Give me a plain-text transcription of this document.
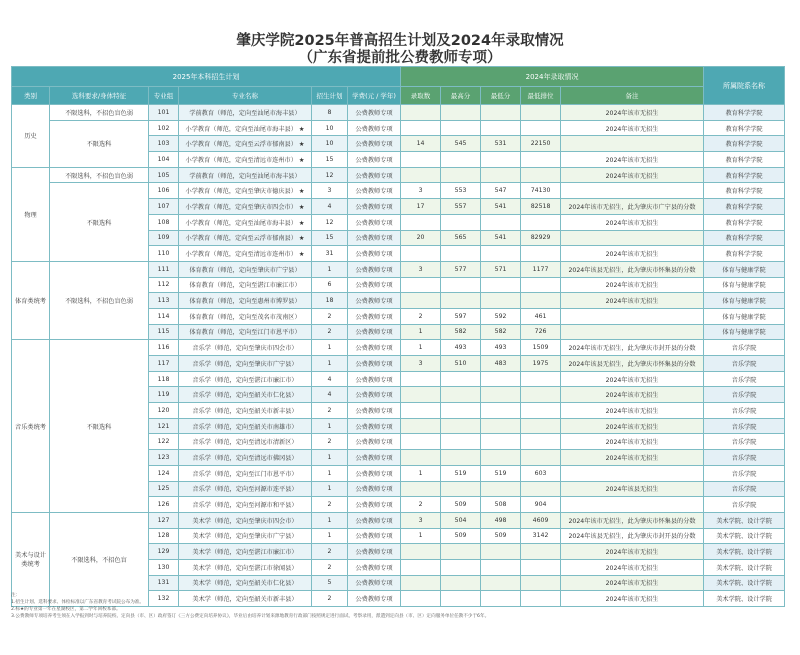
肇庆学院2025年普高招生计划及2024年录取情况
（广东省提前批公费教师专项）
2025年本科招生计划						2024年录取情况					所属院系名称
类别	选科要求/身体特征	专业组	专业名称	招生计划	学费(元 / 学年)	录取数	最高分	最低分	最低排位	备注	
历史	不限选科，不招色盲色弱	101	学前教育（师范，定向至汕尾市海丰县）	8	公费教师专项					2024年该市无招生	教育科学学院
	不限选科	102	小学教育（师范，定向至汕尾市海丰县） ★	10	公费教师专项					2024年该市无招生	教育科学学院
		103	小学教育（师范，定向至云浮市郁南县） ★	10	公费教师专项	14	545	531	22150		教育科学学院
		104	小学教育（师范，定向至清远市连州市） ★	15	公费教师专项					2024年该市无招生	教育科学学院
物理	不限选科，不招色盲色弱	105	学前教育（师范，定向至汕尾市海丰县）	12	公费教师专项					2024年该市无招生	教育科学学院
	不限选科	106	小学教育（师范，定向至肇庆市德庆县） ★	3	公费教师专项	3	553	547	74130		教育科学学院
		107	小学教育（师范，定向至肇庆市四会市） ★	4	公费教师专项	17	557	541	82518	2024年该市无招生，此为肇庆市广宁县的分数	教育科学学院
		108	小学教育（师范，定向至汕尾市海丰县） ★	12	公费教师专项					2024年该市无招生	教育科学学院
		109	小学教育（师范，定向至云浮市郁南县） ★	15	公费教师专项	20	565	541	82929		教育科学学院
		110	小学教育（师范，定向至清远市连州市） ★	31	公费教师专项					2024年该市无招生	教育科学学院
体育类统考	不限选科，不招色盲色弱	111	体育教育（师范，定向至肇庆市广宁县）	1	公费教师专项	3	577	571	1177	2024年该县无招生，此为肇庆市怀集县的分数	体育与健康学院
		112	体育教育（师范，定向至湛江市廉江市）	6	公费教师专项					2024年该市无招生	体育与健康学院
		113	体育教育（师范，定向至惠州市博罗县）	18	公费教师专项					2024年该市无招生	体育与健康学院
		114	体育教育（师范，定向至茂名市茂南区）	2	公费教师专项	2	597	592	461		体育与健康学院
		115	体育教育（师范，定向至江门市恩平市）	2	公费教师专项	1	582	582	726		体育与健康学院
音乐类统考	不限选科	116	音乐学（师范，定向至肇庆市四会市）	1	公费教师专项	1	493	493	1509	2024年该市无招生，此为肇庆市封开县的分数	音乐学院
		117	音乐学（师范，定向至肇庆市广宁县）	1	公费教师专项	3	510	483	1975	2024年该县无招生，此为肇庆市怀集县的分数	音乐学院
		118	音乐学（师范，定向至湛江市廉江市）	4	公费教师专项					2024年该市无招生	音乐学院
		119	音乐学（师范，定向至韶关市仁化县）	4	公费教师专项					2024年该市无招生	音乐学院
		120	音乐学（师范，定向至韶关市新丰县）	2	公费教师专项					2024年该市无招生	音乐学院
		121	音乐学（师范，定向至韶关市南雄市）	1	公费教师专项					2024年该市无招生	音乐学院
		122	音乐学（师范，定向至清远市清新区）	2	公费教师专项					2024年该市无招生	音乐学院
		123	音乐学（师范，定向至清远市佛冈县）	1	公费教师专项					2024年该市无招生	音乐学院
		124	音乐学（师范，定向至江门市恩平市）	1	公费教师专项	1	519	519	603		音乐学院
		125	音乐学（师范，定向至河源市连平县）	1	公费教师专项					2024年该县无招生	音乐学院
		126	音乐学（师范，定向至河源市和平县）	2	公费教师专项	2	509	508	904		音乐学院
美术与设计类统考	不限选科，不招色盲	127	美术学（师范，定向至肇庆市四会市）	1	公费教师专项	3	504	498	4609	2024年该市无招生，此为肇庆市怀集县的分数	美术学院、设计学院
		128	美术学（师范，定向至肇庆市广宁县）	1	公费教师专项	1	509	509	3142	2024年该县无招生，此为肇庆市封开县的分数	美术学院、设计学院
		129	美术学（师范，定向至湛江市廉江市）	2	公费教师专项					2024年该市无招生	美术学院、设计学院
		130	美术学（师范，定向至湛江市徐闻县）	2	公费教师专项					2024年该市无招生	美术学院、设计学院
		131	美术学（师范，定向至韶关市仁化县）	5	公费教师专项					2024年该市无招生	美术学院、设计学院
		132	美术学（师范，定向至韶关市新丰县）	2	公费教师专项					2024年该市无招生	美术学院、设计学院
注：
1.招生计划、选科要求、体检标准以广东省教育考试院公布为准。
2.标★的专业第一年在星湖校区，第二学年回校本部。
3.公费教师专项培养考生须在入学报到时与培养院校、定向县（市、区）政府签订《三方公费定向培养协议》，毕业后由培养计划来源地教育行政部门按照规定进行面试、考察录用，派遣到定向县（市、区）定向服务单位任教不少于6年。
